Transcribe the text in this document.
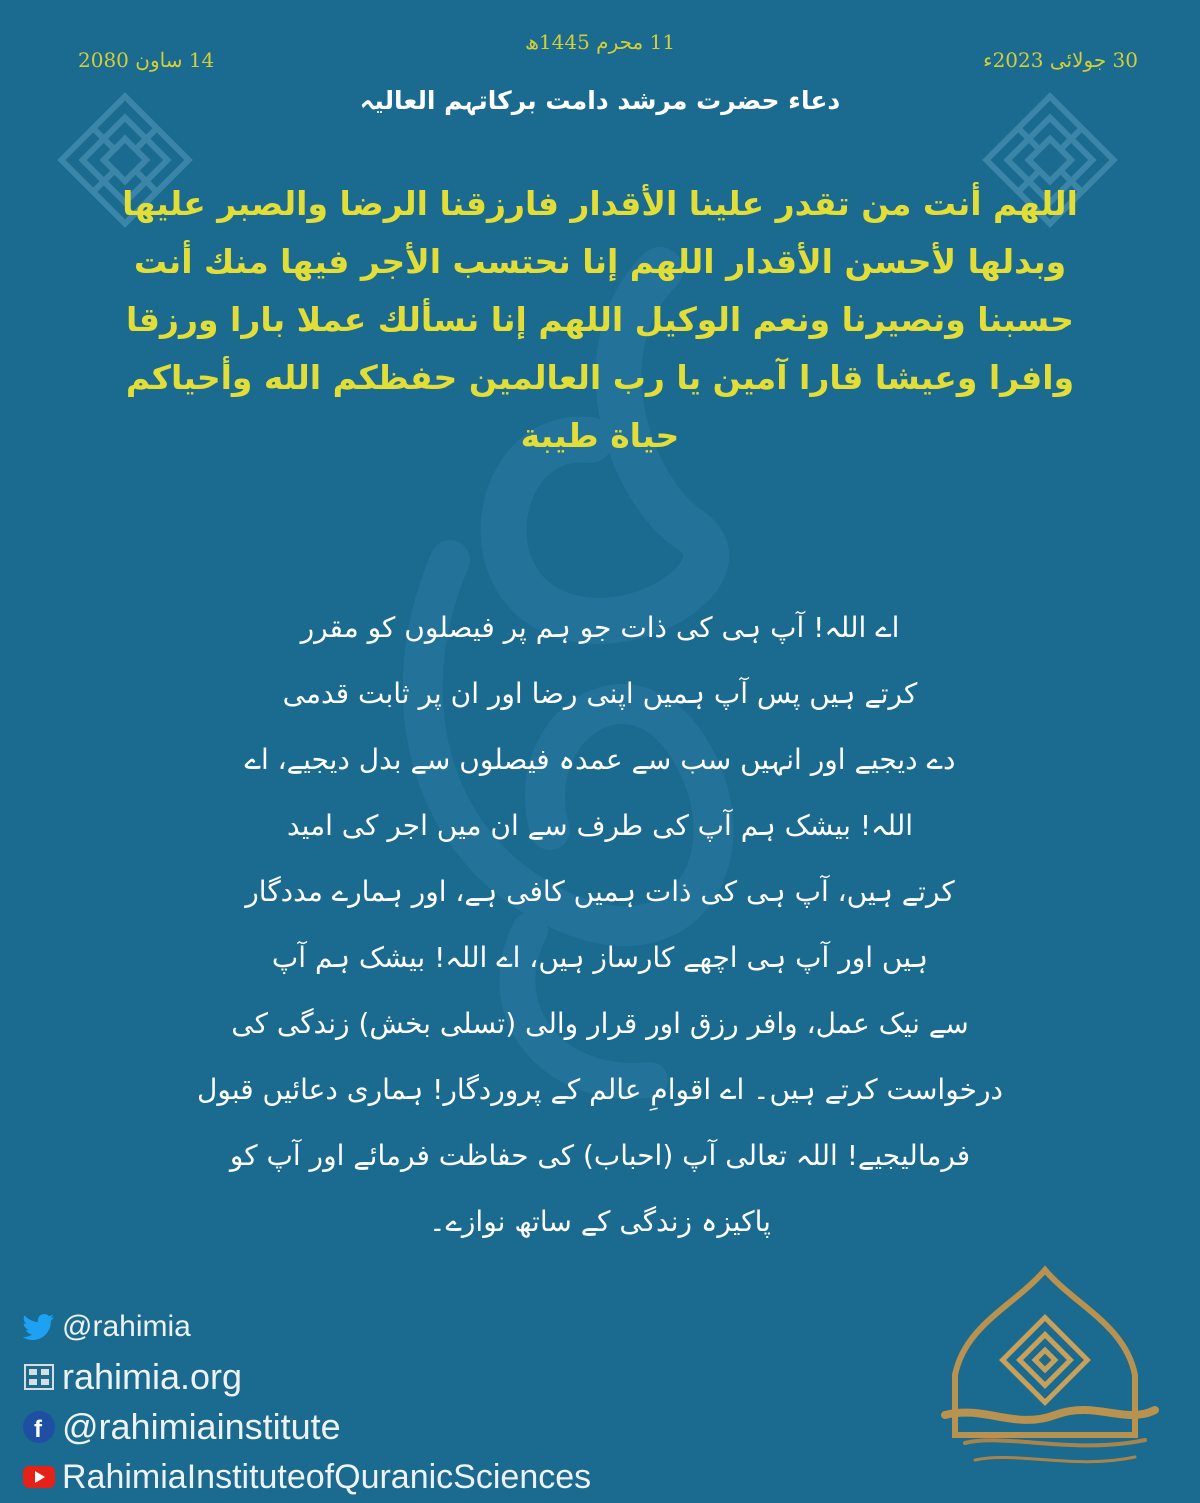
11 محرم 1445ھ
30 جولائی 2023ء
14 ساون 2080
دعاء حضرت مرشد دامت برکاتہم العالیہ
اللهم أنت من تقدر علينا الأقدار فارزقنا الرضا والصبر عليها
وبدلها لأحسن الأقدار اللهم إنا نحتسب الأجر فيها منك أنت
حسبنا ونصيرنا ونعم الوكيل اللهم إنا نسألك عملا بارا ورزقا
وافرا وعيشا قارا آمين يا رب العالمين حفظكم الله وأحياكم
حياة طيبة
اے اللہ! آپ ہی کی ذات جو ہم پر فیصلوں کو مقرر
کرتے ہیں پس آپ ہمیں اپنی رضا اور ان پر ثابت قدمی
دے دیجیے اور انہیں سب سے عمدہ فیصلوں سے بدل دیجیے، اے
اللہ! بیشک ہم آپ کی طرف سے ان میں اجر کی امید
کرتے ہیں، آپ ہی کی ذات ہمیں کافی ہے، اور ہمارے مددگار
ہیں اور آپ ہی اچھے کارساز ہیں، اے اللہ! بیشک ہم آپ
سے نیک عمل، وافر رزق اور قرار والی (تسلی بخش) زندگی کی
درخواست کرتے ہیں۔ اے اقوامِ عالم کے پروردگار! ہماری دعائیں قبول
فرمالیجیے! اللہ تعالی آپ (احباب) کی حفاظت فرمائے اور آپ کو
پاکیزہ زندگی کے ساتھ نوازے۔
@rahimia
rahimia.org
f @rahimiainstitute
RahimiaInstituteofQuranicSciences
